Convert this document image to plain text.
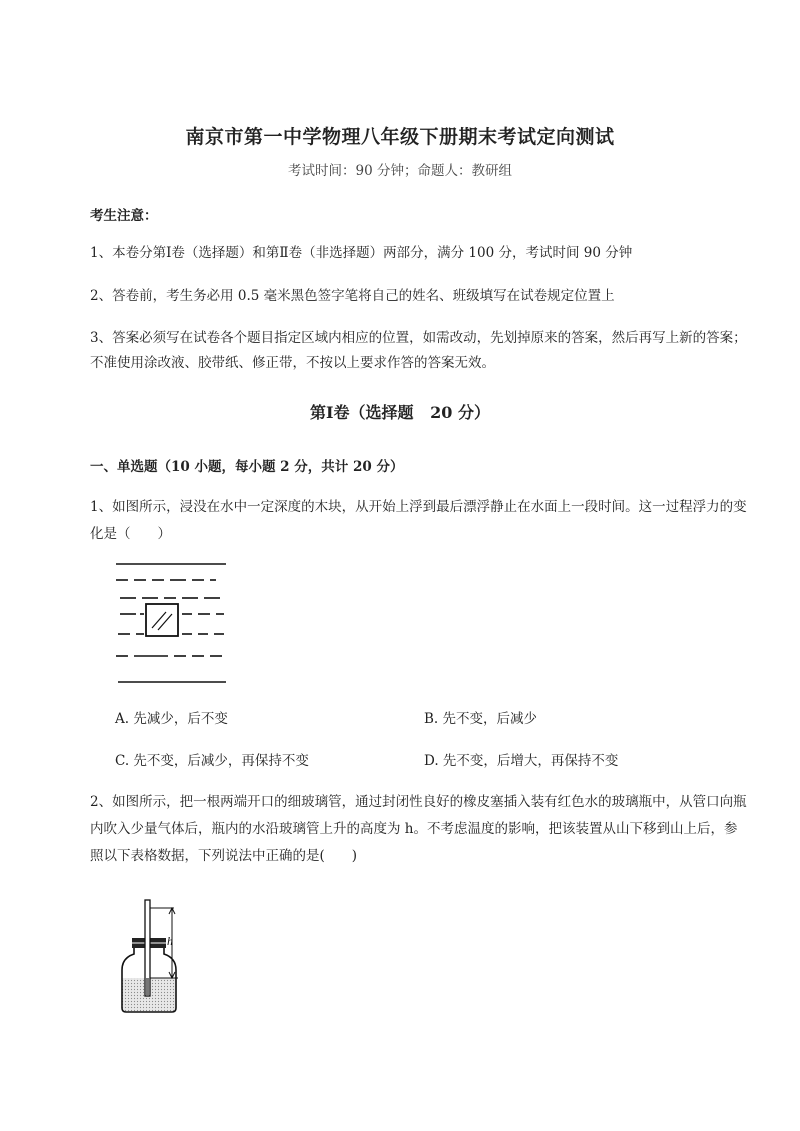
南京市第一中学物理八年级下册期末考试定向测试
考试时间：90 分钟；命题人：教研组
考生注意：
1、本卷分第Ⅰ卷（选择题）和第Ⅱ卷（非选择题）两部分，满分 100 分，考试时间 90 分钟
2、答卷前，考生务必用 0.5 毫米黑色签字笔将自己的姓名、班级填写在试卷规定位置上
3、答案必须写在试卷各个题目指定区域内相应的位置，如需改动，先划掉原来的答案，然后再写上新的答案；不准使用涂改液、胶带纸、修正带，不按以上要求作答的答案无效。
第Ⅰ卷（选择题   20 分）
一、单选题（10 小题，每小题 2 分，共计 20 分）
1、如图所示，浸没在水中一定深度的木块，从开始上浮到最后漂浮静止在水面上一段时间。这一过程浮力的变化是（　　）
A. 先减少，后不变	B. 先不变，后减少
C. 先不变，后减少，再保持不变	D. 先不变，后增大，再保持不变
2、如图所示，把一根两端开口的细玻璃管，通过封闭性良好的橡皮塞插入装有红色水的玻璃瓶中，从管口向瓶内吹入少量气体后，瓶内的水沿玻璃管上升的高度为 h。不考虑温度的影响，把该装置从山下移到山上后，参照以下表格数据，下列说法中正确的是(　　)
h
